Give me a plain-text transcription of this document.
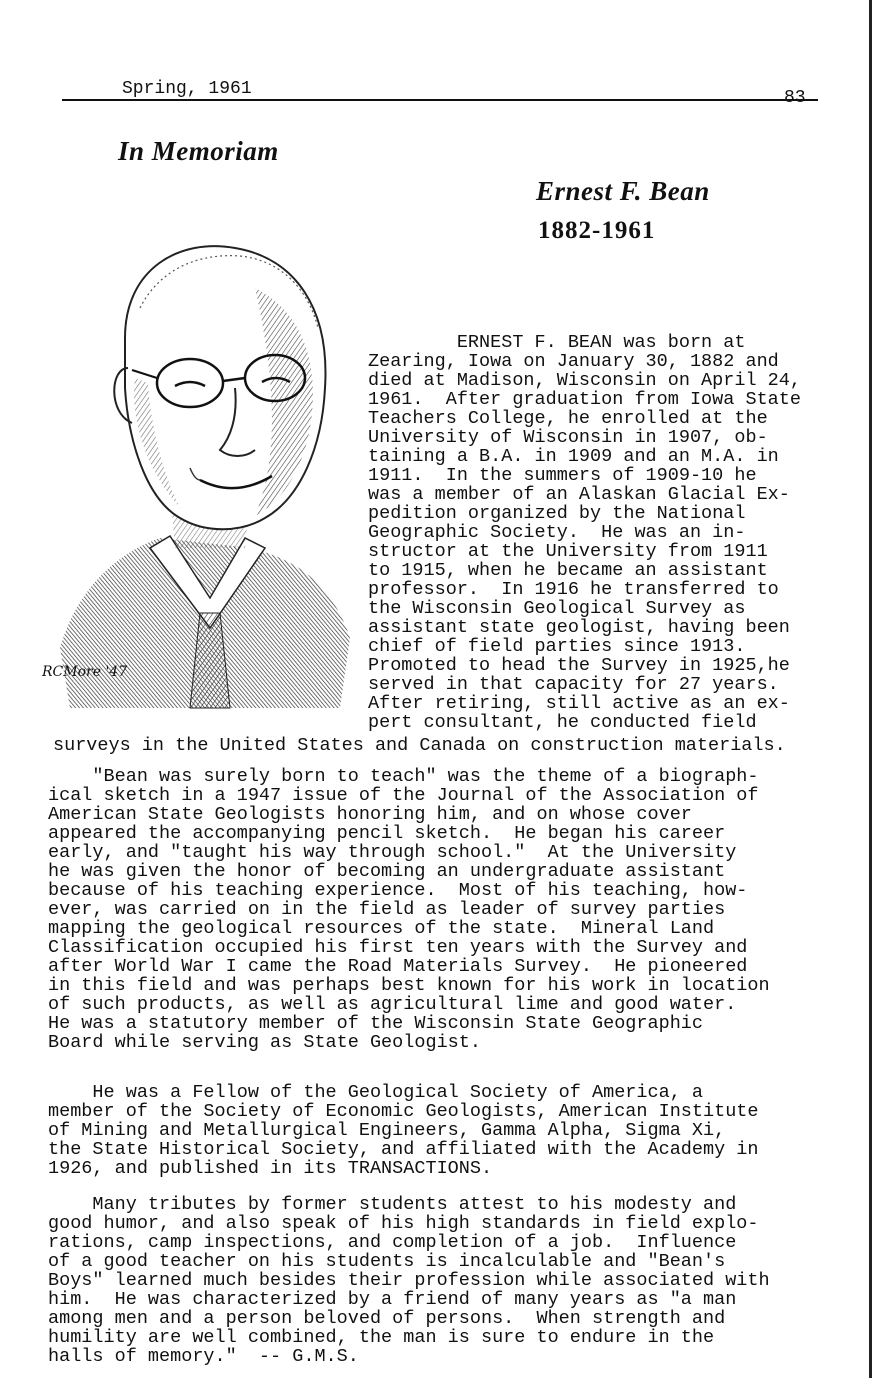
Spring, 1961	83
In Memoriam
Ernest F. Bean
1882-1961
RCMore '47
ERNEST F. BEAN was born at
Zearing, Iowa on January 30, 1882 and
died at Madison, Wisconsin on April 24,
1961.  After graduation from Iowa State
Teachers College, he enrolled at the
University of Wisconsin in 1907, ob-
taining a B.A. in 1909 and an M.A. in
1911.  In the summers of 1909-10 he
was a member of an Alaskan Glacial Ex-
pedition organized by the National
Geographic Society.  He was an in-
structor at the University from 1911
to 1915, when he became an assistant
professor.  In 1916 he transferred to
the Wisconsin Geological Survey as
assistant state geologist, having been
chief of field parties since 1913.
Promoted to head the Survey in 1925,he
served in that capacity for 27 years.
After retiring, still active as an ex-
pert consultant, he conducted field
surveys in the United States and Canada on construction materials.
"Bean was surely born to teach" was the theme of a biograph-
ical sketch in a 1947 issue of the Journal of the Association of
American State Geologists honoring him, and on whose cover
appeared the accompanying pencil sketch.  He began his career
early, and "taught his way through school."  At the University
he was given the honor of becoming an undergraduate assistant
because of his teaching experience.  Most of his teaching, how-
ever, was carried on in the field as leader of survey parties
mapping the geological resources of the state.  Mineral Land
Classification occupied his first ten years with the Survey and
after World War I came the Road Materials Survey.  He pioneered
in this field and was perhaps best known for his work in location
of such products, as well as agricultural lime and good water.
He was a statutory member of the Wisconsin State Geographic
Board while serving as State Geologist.
He was a Fellow of the Geological Society of America, a
member of the Society of Economic Geologists, American Institute
of Mining and Metallurgical Engineers, Gamma Alpha, Sigma Xi,
the State Historical Society, and affiliated with the Academy in
1926, and published in its TRANSACTIONS.
Many tributes by former students attest to his modesty and
good humor, and also speak of his high standards in field explo-
rations, camp inspections, and completion of a job.  Influence
of a good teacher on his students is incalculable and "Bean's
Boys" learned much besides their profession while associated with
him.  He was characterized by a friend of many years as "a man
among men and a person beloved of persons.  When strength and
humility are well combined, the man is sure to endure in the
halls of memory."  -- G.M.S.
